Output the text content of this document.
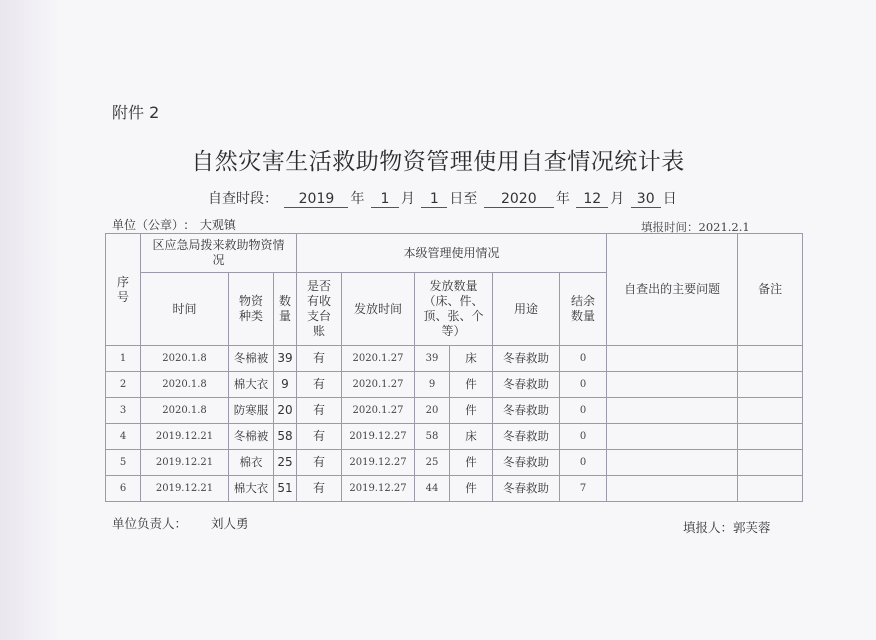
附件 2
自然灾害生活救助物资管理使用自查情况统计表
自查时段： 2019 年 1 月 1 日至 2020 年 12 月 30 日
单位（公章）: 大观镇	填报时间：2021.2.1
序号	区应急局拨来救助物资情况			本级管理使用情况						自查出的主要问题	备注
	时间	物资种类	数量	是否有收支台账	发放时间	发放数量（床、件、顶、张、个等）		用途	结余数量		
1	2020.1.8	冬棉被	39	有	2020.1.27	39	床	冬春救助	0		
2	2020.1.8	棉大衣	9	有	2020.1.27	9	件	冬春救助	0		
3	2020.1.8	防寒服	20	有	2020.1.27	20	件	冬春救助	0		
4	2019.12.21	冬棉被	58	有	2019.12.27	58	床	冬春救助	0		
5	2019.12.21	棉衣	25	有	2019.12.27	25	件	冬春救助	0		
6	2019.12.21	棉大衣	51	有	2019.12.27	44	件	冬春救助	7		
单位负责人： 刘人勇	填报人：郭芙蓉
